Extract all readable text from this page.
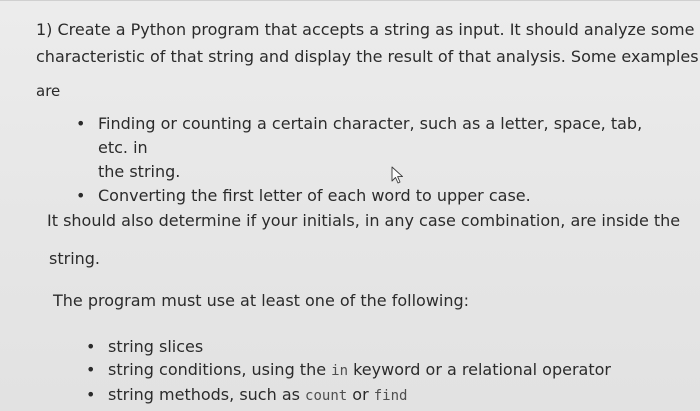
1) Create a Python program that accepts a string as input. It should analyze some
characteristic of that string and display the result of that analysis. Some examples
are
• Finding or counting a certain character, such as a letter, space, tab, etc. in
the string.
• Converting the first letter of each word to upper case.
It should also determine if your initials, in any case combination, are inside the
string.
The program must use at least one of the following:
• string slices
• string conditions, using the in keyword or a relational operator
• string methods, such as count or find
